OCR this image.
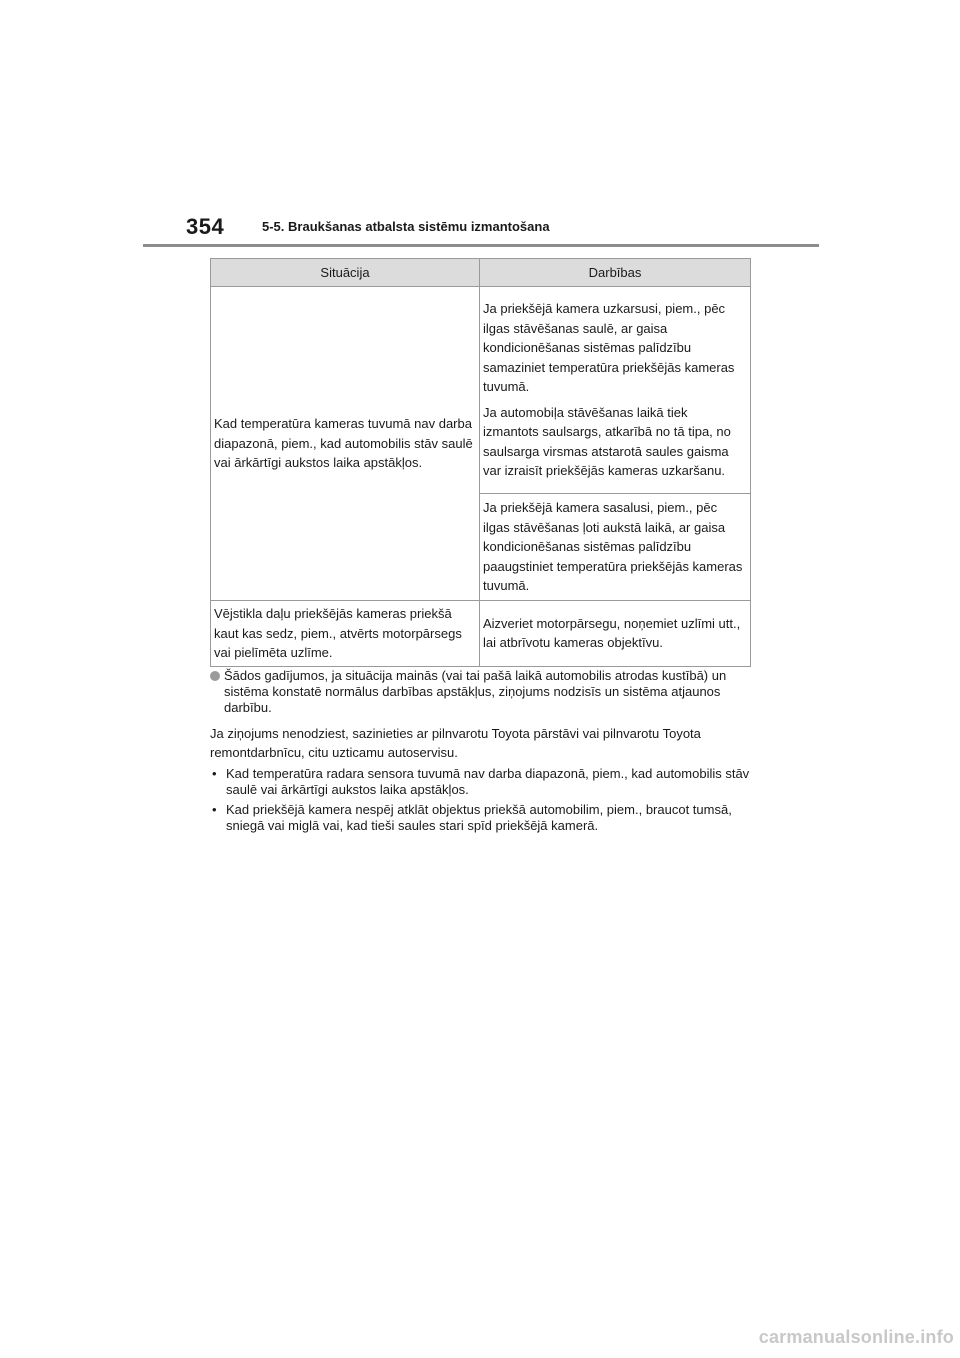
354	5-5. Braukšanas atbalsta sistēmu izmantošana
Situācija	Darbības

Kad temperatūra kameras tuvumā nav darba diapazonā, piem., kad automobilis stāv saulē vai ārkārtīgi aukstos laika apstākļos.	Ja priekšējā kamera uzkarsusi, piem., pēc ilgas stāvēšanas saulē, ar gaisa kondicionēšanas sistēmas palīdzību samaziniet temperatūra priekšējās kameras tuvumā.

Ja automobiļa stāvēšanas laikā tiek izmantots saulsargs, atkarībā no tā tipa, no saulsarga virsmas atstarotā saules gaisma var izraisīt priekšējās kameras uzkaršanu.

	Ja priekšējā kamera sasalusi, piem., pēc ilgas stāvēšanas ļoti aukstā laikā, ar gaisa kondicionēšanas sistēmas palīdzību paaugstiniet temperatūra priekšējās kameras tuvumā.

Vējstikla daļu priekšējās kameras priekšā kaut kas sedz, piem., atvērts motorpārsegs vai pielīmēta uzlīme.	Aizveriet motorpārsegu, noņemiet uzlīmi utt., lai atbrīvotu kameras objektīvu.

Šādos gadījumos, ja situācija mainās (vai tai pašā laikā automobilis atrodas kustībā) un sistēma konstatē normālus darbības apstākļus, ziņojums nodzisīs un sistēma atjaunos darbību.

Ja ziņojums nenodziest, sazinieties ar pilnvarotu Toyota pārstāvi vai pilnvarotu Toyota remontdarbnīcu, citu uzticamu autoservisu.

• Kad temperatūra radara sensora tuvumā nav darba diapazonā, piem., kad automobilis stāv saulē vai ārkārtīgi aukstos laika apstākļos.
• Kad priekšējā kamera nespēj atklāt objektus priekšā automobilim, piem., braucot tumsā, sniegā vai miglā vai, kad tieši saules stari spīd priekšējā kamerā.
carmanualsonline.info
